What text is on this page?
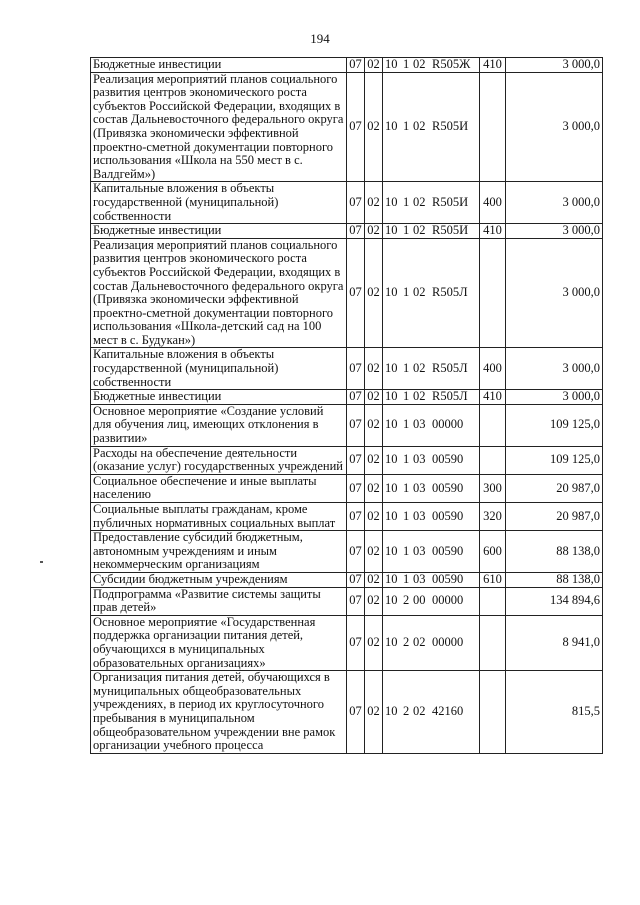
194
Бюджетные инвестиции	07	02	10 1 02 R505Ж	410	3 000,0
Реализация мероприятий планов социального развития центров экономического роста субъектов Российской Федерации, входящих в состав Дальневосточного федерального округа (Привязка экономически эффективной проектно-сметной документации повторного использования «Школа на 550 мест в с. Валдгейм»)	07	02	10 1 02 R505И		3 000,0
Капитальные вложения в объекты государственной (муниципальной) собственности	07	02	10 1 02 R505И	400	3 000,0
Бюджетные инвестиции	07	02	10 1 02 R505И	410	3 000,0
Реализация мероприятий планов социального развития центров экономического роста субъектов Российской Федерации, входящих в состав Дальневосточного федерального округа (Привязка экономически эффективной проектно-сметной документации повторного использования «Школа-детский сад на 100 мест в с. Будукан»)	07	02	10 1 02 R505Л		3 000,0
Капитальные вложения в объекты государственной (муниципальной) собственности	07	02	10 1 02 R505Л	400	3 000,0
Бюджетные инвестиции	07	02	10 1 02 R505Л	410	3 000,0
Основное мероприятие «Создание условий для обучения лиц, имеющих отклонения в развитии»	07	02	10 1 03 00000		109 125,0
Расходы на обеспечение деятельности (оказание услуг) государственных учреждений	07	02	10 1 03 00590		109 125,0
Социальное обеспечение и иные выплаты населению	07	02	10 1 03 00590	300	20 987,0
Социальные выплаты гражданам, кроме публичных нормативных социальных выплат	07	02	10 1 03 00590	320	20 987,0
Предоставление субсидий бюджетным, автономным учреждениям и иным некоммерческим организациям	07	02	10 1 03 00590	600	88 138,0
Субсидии бюджетным учреждениям	07	02	10 1 03 00590	610	88 138,0
Подпрограмма «Развитие системы защиты прав детей»	07	02	10 2 00 00000		134 894,6
Основное мероприятие «Государственная поддержка организации питания детей, обучающихся в муниципальных образовательных организациях»	07	02	10 2 02 00000		8 941,0
Организация питания детей, обучающихся в муниципальных общеобразовательных учреждениях, в период их круглосуточного пребывания в муниципальном общеобразовательном учреждении вне рамок организации учебного процесса	07	02	10 2 02 42160		815,5
